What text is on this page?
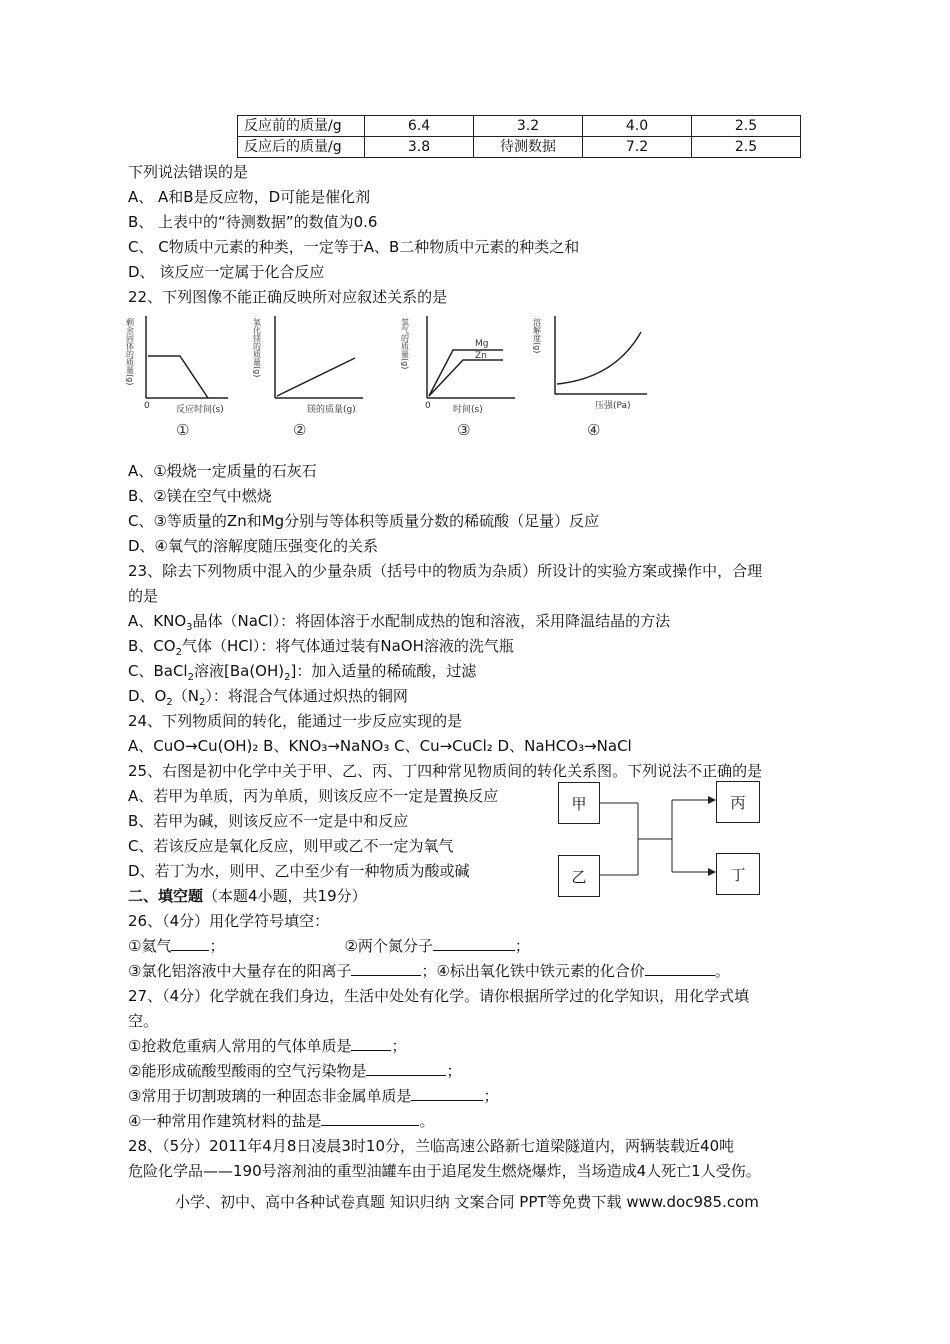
反应前的质量/g	6.4	3.2	4.0	2.5
反应后的质量/g	3.8	待测数据	7.2	2.5
下列说法错误的是
A、 A和B是反应物，D可能是催化剂
B、 上表中的“待测数据”的数值为0.6
C、 C物质中元素的种类，一定等于A、B二种物质中元素的种类之和
D、 该反应一定属于化合反应
22、下列图像不能正确反映所对应叙述关系的是
剩余固体的质量(g)
0	反应时间(s)
①
氧化镁的质量(g)
镁的质量(g)
②
氢气的质量(g)	Mg
Zn
0 时间(s)
③
溶解度(g)
压强(Pa)
④
A、①煅烧一定质量的石灰石
B、②镁在空气中燃烧
C、③等质量的Zn和Mg分别与等体积等质量分数的稀硫酸（足量）反应
D、④氧气的溶解度随压强变化的关系
23、除去下列物质中混入的少量杂质（括号中的物质为杂质）所设计的实验方案或操作中，合理
的是
A、$KNO_3$晶体（NaCl）：将固体溶于水配制成热的饱和溶液，采用降温结晶的方法
B、$CO_2$气体（HCl）：将气体通过装有NaOH溶液的洗气瓶
C、BaCl$_2$溶液$[Ba(OH)_2]$：加入适量的稀硫酸，过滤
D、$O_2(N_2)$：将混合气体通过炽热的铜网
24、下列物质间的转化，能通过一步反应实现的是
A、CuO→Cu(OH)₂ B、KNO₃→NaNO₃ C、Cu→CuCl₂ D、NaHCO₃→NaCl
25、右图是初中化学中关于甲、乙、丙、丁四种常见物质间的转化关系图。下列说法不正确的是
A、若甲为单质，丙为单质，则该反应不一定是置换反应
B、若甲为碱，则该反应不一定是中和反应
C、若该反应是氧化反应，则甲或乙不一定为氧气
D、若丁为水，则甲、乙中至少有一种物质为酸或碱
甲
乙
丙
丁
二、填空题（本题4小题，共19分）
26、（4分）用化学符号填空：
①氦气	；	②两个氮分子	；
③氯化铝溶液中大量存在的阳离子	；④标出氧化铁中铁元素的化合价	。
27、（4分）化学就在我们身边，生活中处处有化学。请你根据所学过的化学知识，用化学式填
空。
①抢救危重病人常用的气体单质是	；
②能形成硫酸型酸雨的空气污染物是	；
③常用于切割玻璃的一种固态非金属单质是	；
④一种常用作建筑材料的盐是	。
28、（5分）2011年4月8日凌晨3时10分，兰临高速公路新七道梁隧道内，两辆装载近40吨
危险化学品——190号溶剂油的重型油罐车由于追尾发生燃烧爆炸，当场造成4人死亡1人受伤。
小学、初中、高中各种试卷真题 知识归纳 文案合同 PPT等免费下载 www.doc985.com
